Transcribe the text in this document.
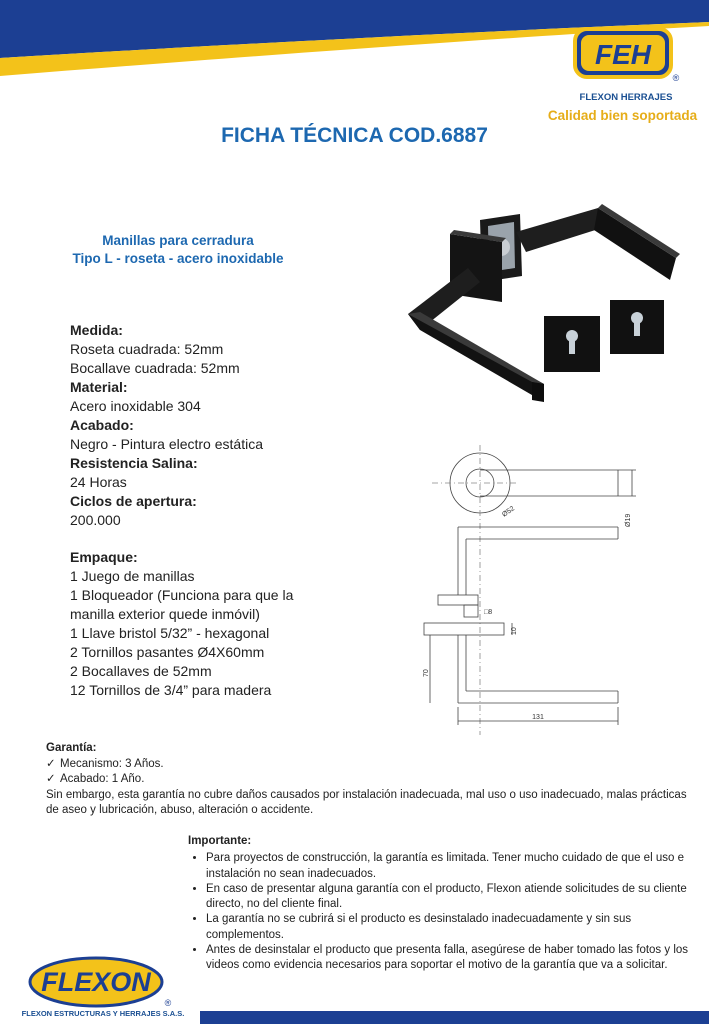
FEH
®
FLEXON HERRAJES
Calidad bien soportada
FICHA TÉCNICA COD.6887
Manillas para cerradura
Tipo L - roseta - acero inoxidable
Medida:
Roseta cuadrada: 52mm
Bocallave cuadrada: 52mm
Material:
Acero inoxidable 304
Acabado:
Negro - Pintura electro estática
Resistencia Salina:
24 Horas
Ciclos de apertura:
200.000
Empaque:
1 Juego de manillas
1 Bloqueador (Funciona para que la
manilla exterior quede inmóvil)
1 Llave bristol 5/32” - hexagonal
2 Tornillos pasantes Ø4X60mm
2 Bocallaves de 52mm
12 Tornillos de 3/4” para madera
Ø19
Ø52
□8
10
70
131
Garantía:
✓ Mecanismo: 3 Años.
✓ Acabado: 1 Año.
Sin embargo, esta garantía no cubre daños causados por instalación inadecuada, mal uso o uso inadecuado, malas prácticas de aseo y lubricación, abuso, alteración o accidente.
Importante:
• Para proyectos de construcción, la garantía es limitada. Tener mucho cuidado de que el uso e instalación no sean inadecuados.
• En caso de presentar alguna garantía con el producto, Flexon atiende solicitudes de su cliente directo, no del cliente final.
• La garantía no se cubrirá si el producto es desinstalado inadecuadamente y sin sus complementos.
• Antes de desinstalar el producto que presenta falla, asegúrese de haber tomado las fotos y los videos como evidencia necesarios para soportar el motivo de la garantía que va a solicitar.
FLEXON
®
FLEXON ESTRUCTURAS Y HERRAJES S.A.S.
